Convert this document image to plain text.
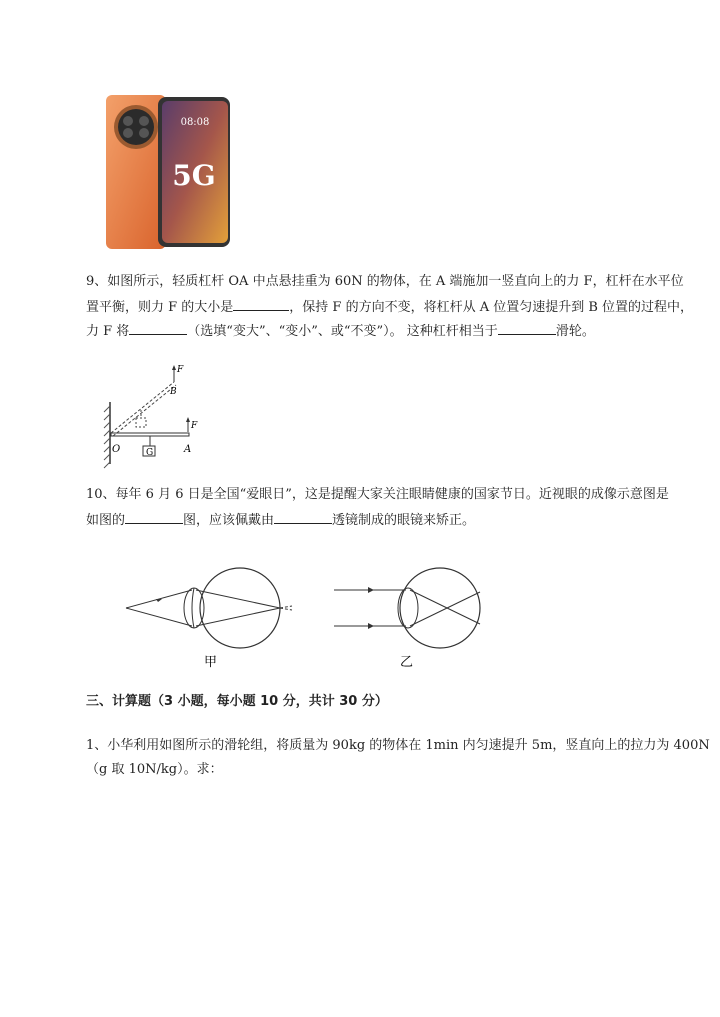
08:08
5G
9、如图所示，轻质杠杆 OA 中点悬挂重为 60N 的物体，在 A 端施加一竖直向上的力 F，杠杆在水平位
置平衡，则力 F 的大小是	，保持 F 的方向不变，将杠杆从 A 位置匀速提升到 B 位置的过程中，
力 F 将	（选填“变大”、“变小”、或“不变”）。 这种杠杆相当于	滑轮。
G
F
F
B
O	A
10、每年 6 月 6 日是全国“爱眼日”，这是提醒大家关注眼睛健康的国家节日。近视眼的成像示意图是
如图的	图，应该佩戴由	透镜制成的眼镜来矫正。
甲	乙
三、计算题（3 小题，每小题 10 分，共计 30 分）
1、小华利用如图所示的滑轮组，将质量为 90kg 的物体在 1min 内匀速提升 5m，竖直向上的拉力为 400N
（g 取 10N/kg）。求：
